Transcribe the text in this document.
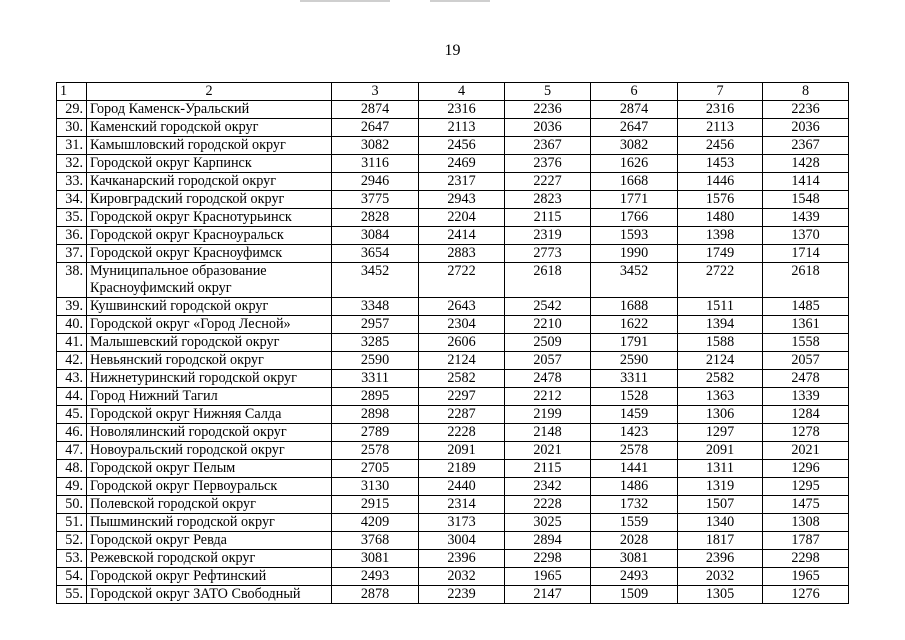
19
1	2	3	4	5	6	7	8
29.	Город Каменск-Уральский	2874	2316	2236	2874	2316	2236
30.	Каменский городской округ	2647	2113	2036	2647	2113	2036
31.	Камышловский городской округ	3082	2456	2367	3082	2456	2367
32.	Городской округ Карпинск	3116	2469	2376	1626	1453	1428
33.	Качканарский городской округ	2946	2317	2227	1668	1446	1414
34.	Кировградский городской округ	3775	2943	2823	1771	1576	1548
35.	Городской округ Краснотурьинск	2828	2204	2115	1766	1480	1439
36.	Городской округ Красноуральск	3084	2414	2319	1593	1398	1370
37.	Городской округ Красноуфимск	3654	2883	2773	1990	1749	1714
38.	Муниципальное образование Красноуфимский округ	3452	2722	2618	3452	2722	2618
39.	Кушвинский городской округ	3348	2643	2542	1688	1511	1485
40.	Городской округ «Город Лесной»	2957	2304	2210	1622	1394	1361
41.	Малышевский городской округ	3285	2606	2509	1791	1588	1558
42.	Невьянский городской округ	2590	2124	2057	2590	2124	2057
43.	Нижнетуринский городской округ	3311	2582	2478	3311	2582	2478
44.	Город Нижний Тагил	2895	2297	2212	1528	1363	1339
45.	Городской округ Нижняя Салда	2898	2287	2199	1459	1306	1284
46.	Новолялинский городской округ	2789	2228	2148	1423	1297	1278
47.	Новоуральский городской округ	2578	2091	2021	2578	2091	2021
48.	Городской округ Пелым	2705	2189	2115	1441	1311	1296
49.	Городской округ Первоуральск	3130	2440	2342	1486	1319	1295
50.	Полевской городской округ	2915	2314	2228	1732	1507	1475
51.	Пышминский городской округ	4209	3173	3025	1559	1340	1308
52.	Городской округ Ревда	3768	3004	2894	2028	1817	1787
53.	Режевской городской округ	3081	2396	2298	3081	2396	2298
54.	Городской округ Рефтинский	2493	2032	1965	2493	2032	1965
55.	Городской округ ЗАТО Свободный	2878	2239	2147	1509	1305	1276
